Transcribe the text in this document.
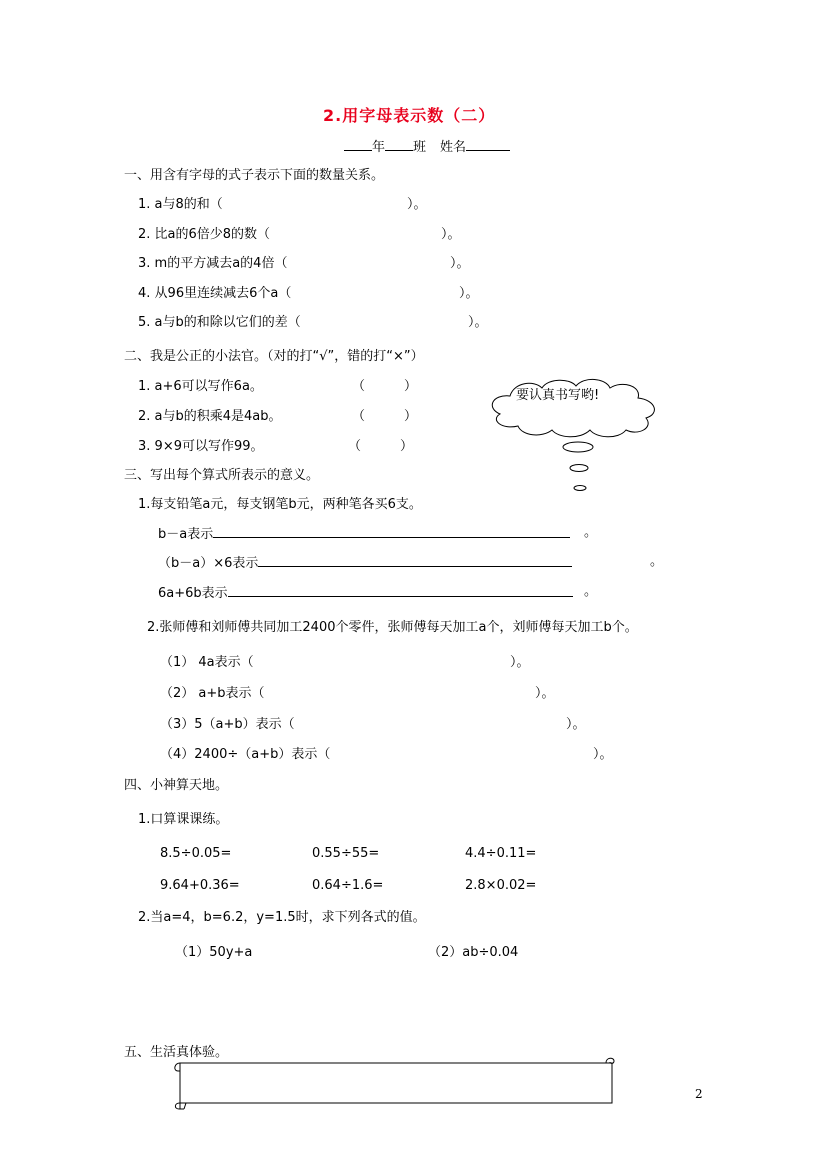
2.用字母表示数（二）
年 班 姓名
一、用含有字母的式子表示下面的数量关系。
1. a与8的和（	）。
2. 比a的6倍少8的数（	）。
3. m的平方减去a的4倍（	）。
4. 从96里连续减去6个a（	）。
5. a与b的和除以它们的差（	）。
二、我是公正的小法官。（对的打“√”，错的打“×”）
1. a+6可以写作6a。	（　　　）
2. a与b的积乘4是4ab。	（　　　）
3. 9×9可以写作99。	（　　　）
要认真书写哟!
三、写出每个算式所表示的意义。
1.每支铅笔a元，每支钢笔b元，两种笔各买6支。
b－a表示	。
（b－a）×6表示	。
6a+6b表示	。
2.张师傅和刘师傅共同加工2400个零件，张师傅每天加工a个，刘师傅每天加工b个。
（1） 4a表示（	）。
（2） a+b表示（	）。
（3）5（a+b）表示（	）。
（4）2400÷（a+b）表示（	）。
四、小神算天地。
1.口算课课练。
8.5÷0.05=	0.55÷55=	4.4÷0.11=
9.64+0.36=	0.64÷1.6=	2.8×0.02=
2.当a=4，b=6.2，y=1.5时，求下列各式的值。
（1）50y+a	（2）ab÷0.04
五、生活真体验。
2
